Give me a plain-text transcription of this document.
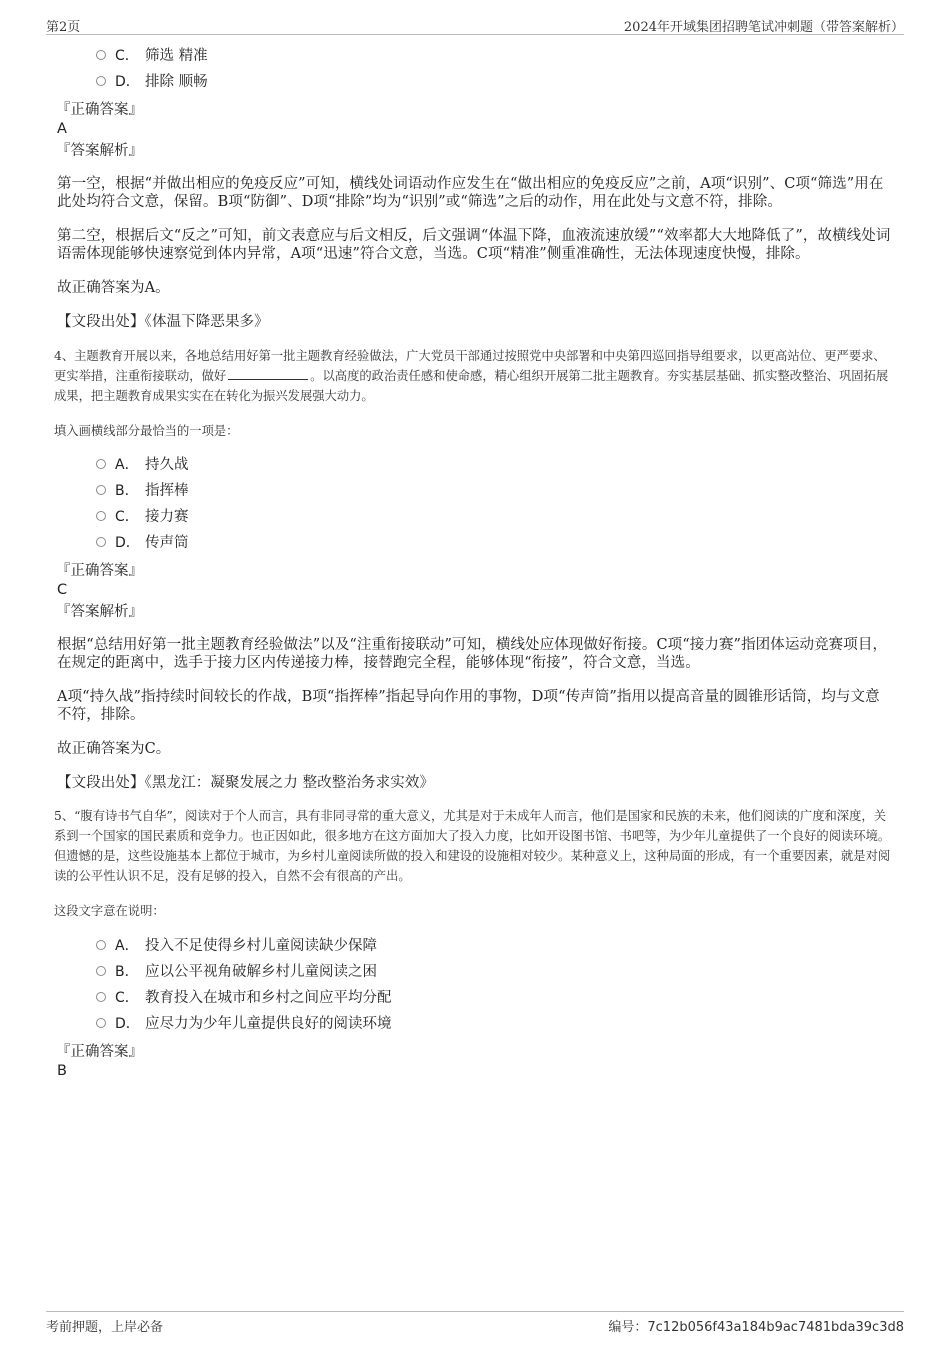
第2页	2024年开域集团招聘笔试冲刺题（带答案解析）
C． 筛选 精准
D． 排除 顺畅
『正确答案』
A
『答案解析』
第一空，根据“并做出相应的免疫反应”可知，横线处词语动作应发生在“做出相应的免疫反应”之前，A项“识别”、C项“筛选”用在此处均符合文意，保留。B项“防御”、D项“排除”均为“识别”或“筛选”之后的动作，用在此处与文意不符，排除。
第二空，根据后文“反之”可知，前文表意应与后文相反，后文强调“体温下降，血液流速放缓”“效率都大大地降低了”，故横线处词语需体现能够快速察觉到体内异常，A项“迅速”符合文意，当选。C项“精准”侧重准确性，无法体现速度快慢，排除。
故正确答案为A。
【文段出处】《体温下降恶果多》
4、主题教育开展以来，各地总结用好第一批主题教育经验做法，广大党员干部通过按照党中央部署和中央第四巡回指导组要求，以更高站位、更严要求、更实举措，注重衔接联动，做好	。以高度的政治责任感和使命感，精心组织开展第二批主题教育。夯实基层基础、抓实整改整治、巩固拓展成果，把主题教育成果实实在在转化为振兴发展强大动力。
填入画横线部分最恰当的一项是：
A． 持久战
B． 指挥棒
C． 接力赛
D． 传声筒
『正确答案』
C
『答案解析』
根据“总结用好第一批主题教育经验做法”以及“注重衔接联动”可知，横线处应体现做好衔接。C项“接力赛”指团体运动竞赛项目，在规定的距离中，选手于接力区内传递接力棒，接替跑完全程，能够体现“衔接”，符合文意，当选。
A项“持久战”指持续时间较长的作战，B项“指挥棒”指起导向作用的事物，D项“传声筒”指用以提高音量的圆锥形话筒，均与文意不符，排除。
故正确答案为C。
【文段出处】《黑龙江：凝聚发展之力 整改整治务求实效》
5、“腹有诗书气自华”，阅读对于个人而言，具有非同寻常的重大意义，尤其是对于未成年人而言，他们是国家和民族的未来，他们阅读的广度和深度，关系到一个国家的国民素质和竞争力。也正因如此，很多地方在这方面加大了投入力度，比如开设图书馆、书吧等，为少年儿童提供了一个良好的阅读环境。但遗憾的是，这些设施基本上都位于城市，为乡村儿童阅读所做的投入和建设的设施相对较少。某种意义上，这种局面的形成，有一个重要因素，就是对阅读的公平性认识不足，没有足够的投入，自然不会有很高的产出。
这段文字意在说明：
A． 投入不足使得乡村儿童阅读缺少保障
B． 应以公平视角破解乡村儿童阅读之困
C． 教育投入在城市和乡村之间应平均分配
D． 应尽力为少年儿童提供良好的阅读环境
『正确答案』
B
考前押题，上岸必备	编号：7c12b056f43a184b9ac7481bda39c3d8
